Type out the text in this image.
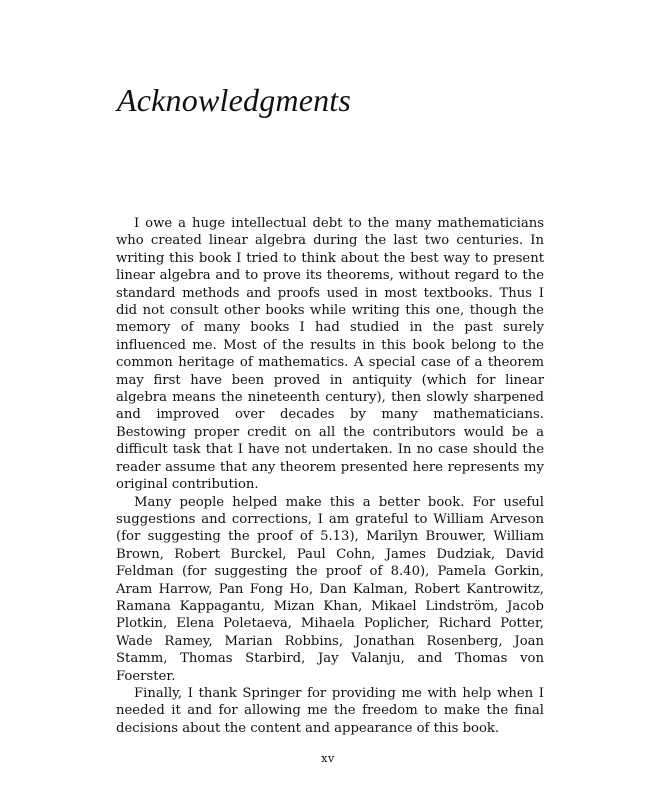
Acknowledgments

I owe a huge intellectual debt to the many mathematicians who created linear algebra during the last two centuries. In writing this book I tried to think about the best way to present linear algebra and to prove its theorems, without regard to the standard methods and proofs used in most textbooks. Thus I did not consult other books while writing this one, though the memory of many books I had studied in the past surely influenced me. Most of the results in this book belong to the common heritage of mathematics. A special case of a theorem may first have been proved in antiquity (which for linear algebra means the nineteenth century), then slowly sharpened and improved over decades by many mathematicians. Bestowing proper credit on all the contributors would be a difficult task that I have not undertaken. In no case should the reader assume that any theorem presented here represents my original contribution.

Many people helped make this a better book. For useful suggestions and corrections, I am grateful to William Arveson (for suggesting the proof of 5.13), Marilyn Brouwer, William Brown, Robert Burckel, Paul Cohn, James Dudziak, David Feldman (for suggesting the proof of 8.40), Pamela Gorkin, Aram Harrow, Pan Fong Ho, Dan Kalman, Robert Kantrowitz, Ramana Kappagantu, Mizan Khan, Mikael Lindström, Jacob Plotkin, Elena Poletaeva, Mihaela Poplicher, Richard Potter, Wade Ramey, Marian Robbins, Jonathan Rosenberg, Joan Stamm, Thomas Starbird, Jay Valanju, and Thomas von Foerster.

Finally, I thank Springer for providing me with help when I needed it and for allowing me the freedom to make the final decisions about the content and appearance of this book.

xv
